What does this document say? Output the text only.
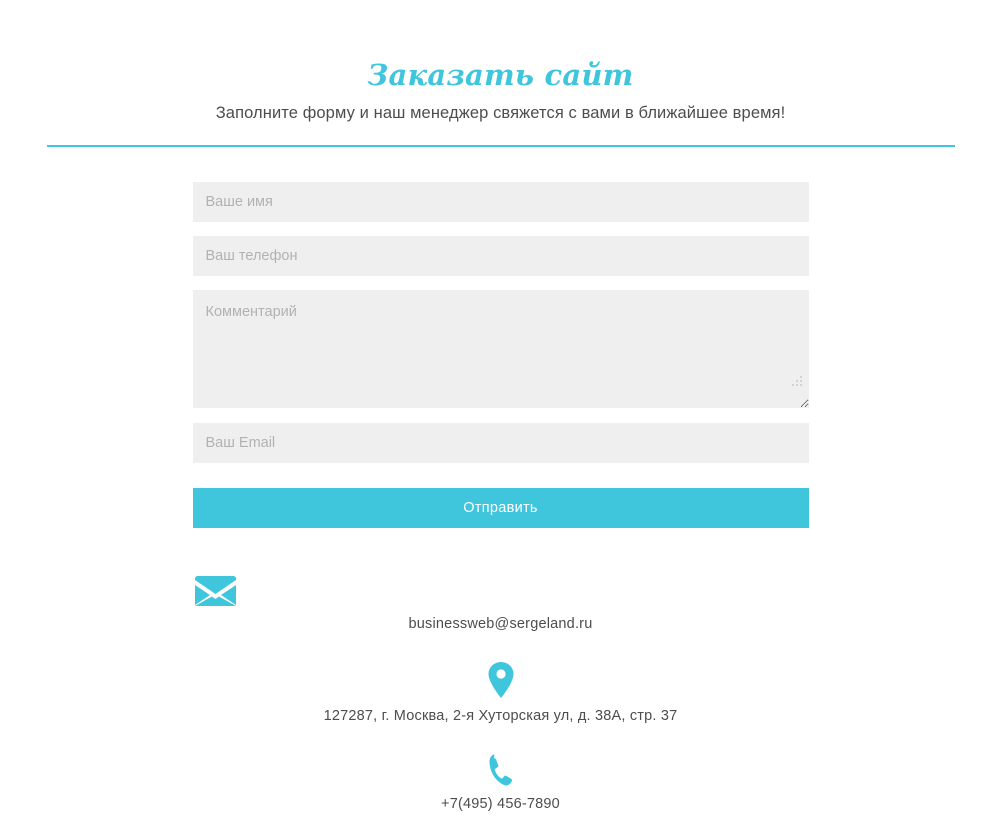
Заказать сайт

Заполните форму и наш менеджер свяжется с вами в ближайшее время!

Ваше имя
Ваш телефон
Комментарий
Ваш Email
Отправить
businessweb@sergeland.ru
127287, г. Москва, 2-я Хуторская ул, д. 38А, стр. 37
+7(495) 456-7890
